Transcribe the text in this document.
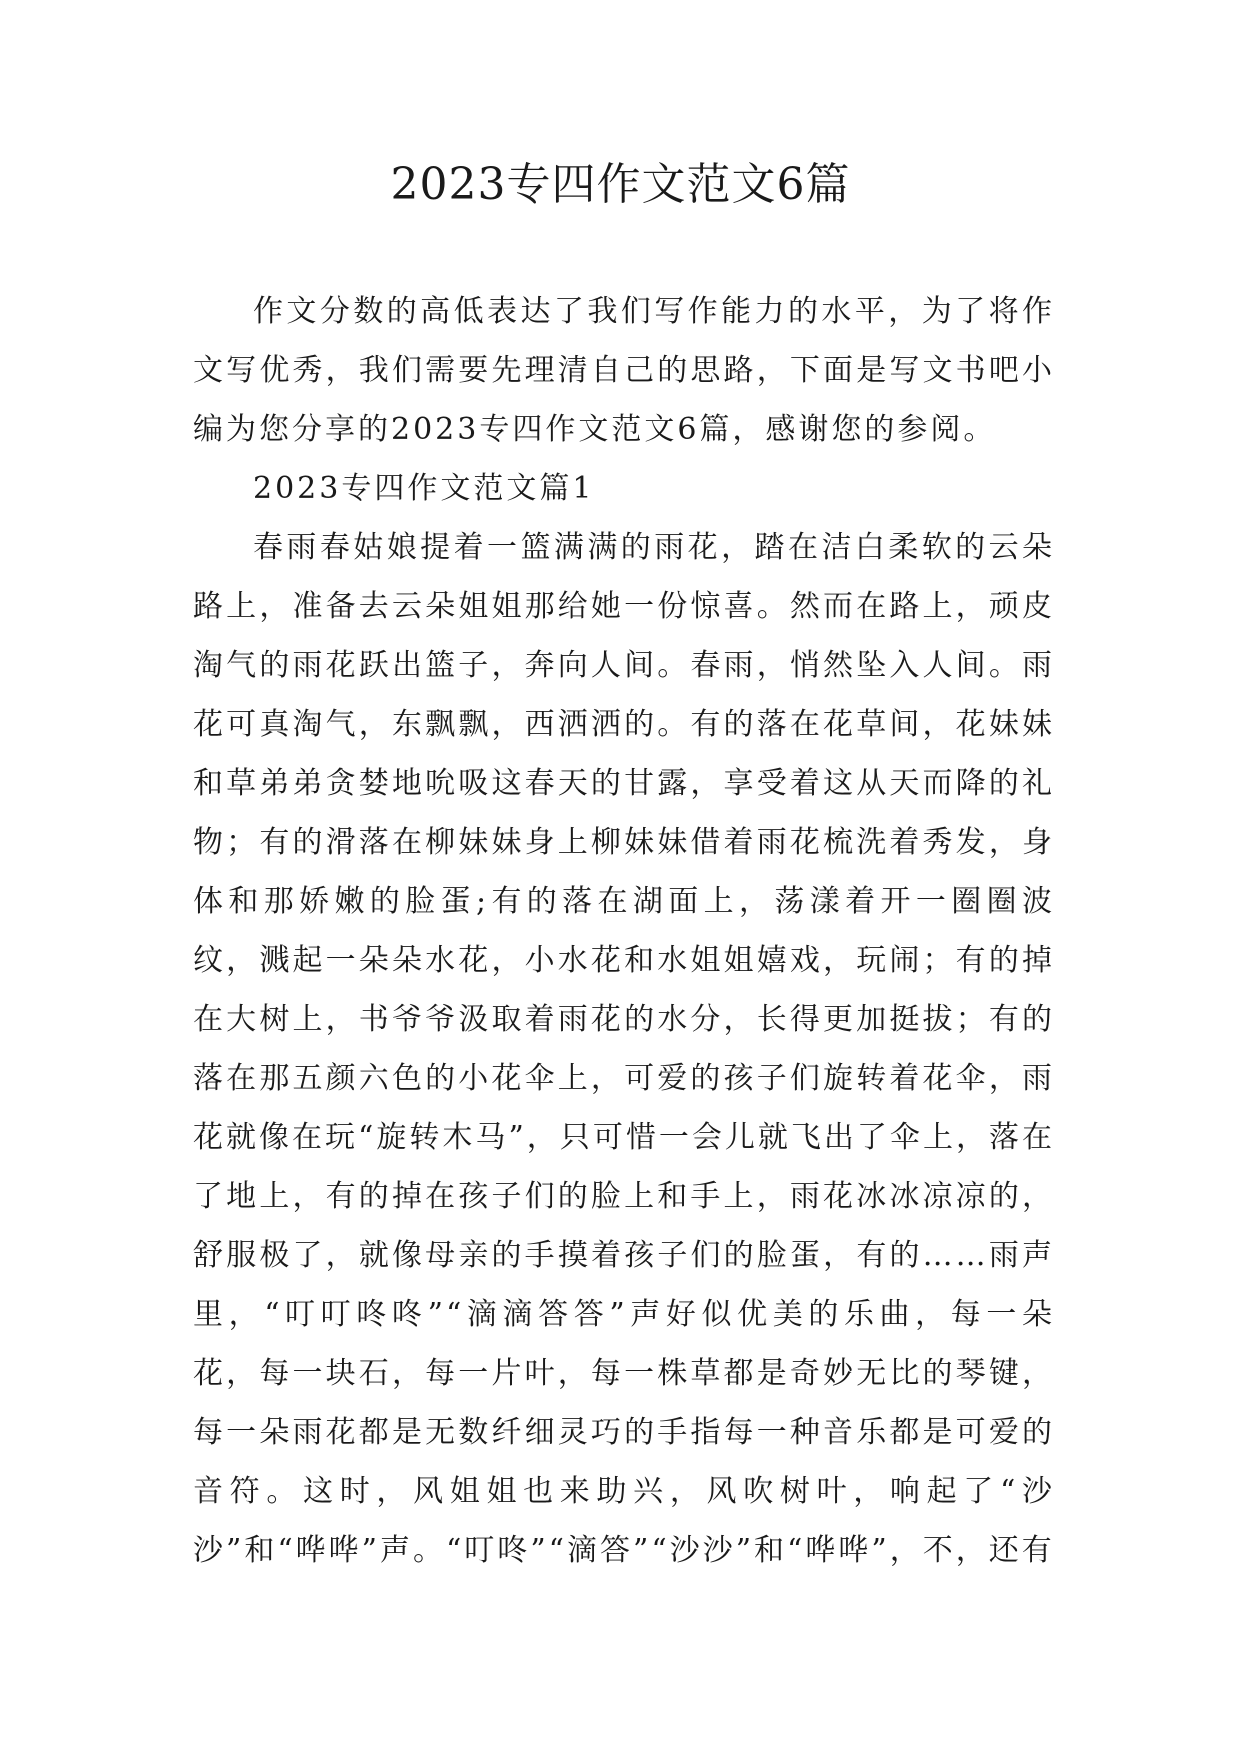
2023专四作文范文6篇

作文分数的高低表达了我们写作能力的水平，为了将作文写优秀，我们需要先理清自己的思路，下面是写文书吧小编为您分享的2023专四作文范文6篇，感谢您的参阅。

2023专四作文范文篇1

春雨春姑娘提着一篮满满的雨花，踏在洁白柔软的云朵路上，准备去云朵姐姐那给她一份惊喜。然而在路上，顽皮淘气的雨花跃出篮子，奔向人间。春雨，悄然坠入人间。雨花可真淘气，东飘飘，西洒洒的。有的落在花草间，花妹妹和草弟弟贪婪地吮吸这春天的甘露，享受着这从天而降的礼物；有的滑落在柳妹妹身上柳妹妹借着雨花梳洗着秀发，身体和那娇嫩的脸蛋;有的落在湖面上，荡漾着开一圈圈波纹，溅起一朵朵水花，小水花和水姐姐嬉戏，玩闹；有的掉在大树上，书爷爷汲取着雨花的水分，长得更加挺拔；有的落在那五颜六色的小花伞上，可爱的孩子们旋转着花伞，雨花就像在玩“旋转木马”，只可惜一会儿就飞出了伞上，落在了地上，有的掉在孩子们的脸上和手上，雨花冰冰凉凉的，舒服极了，就像母亲的手摸着孩子们的脸蛋，有的……雨声里，“叮叮咚咚”“滴滴答答”声好似优美的乐曲，每一朵花，每一块石，每一片叶，每一株草都是奇妙无比的琴键，每一朵雨花都是无数纤细灵巧的手指每一种音乐都是可爱的音符。这时，风姐姐也来助兴，风吹树叶，响起了“沙沙”和“哗哗”声。“叮咚”“滴答”“沙沙”和“哗哗”，不，还有
